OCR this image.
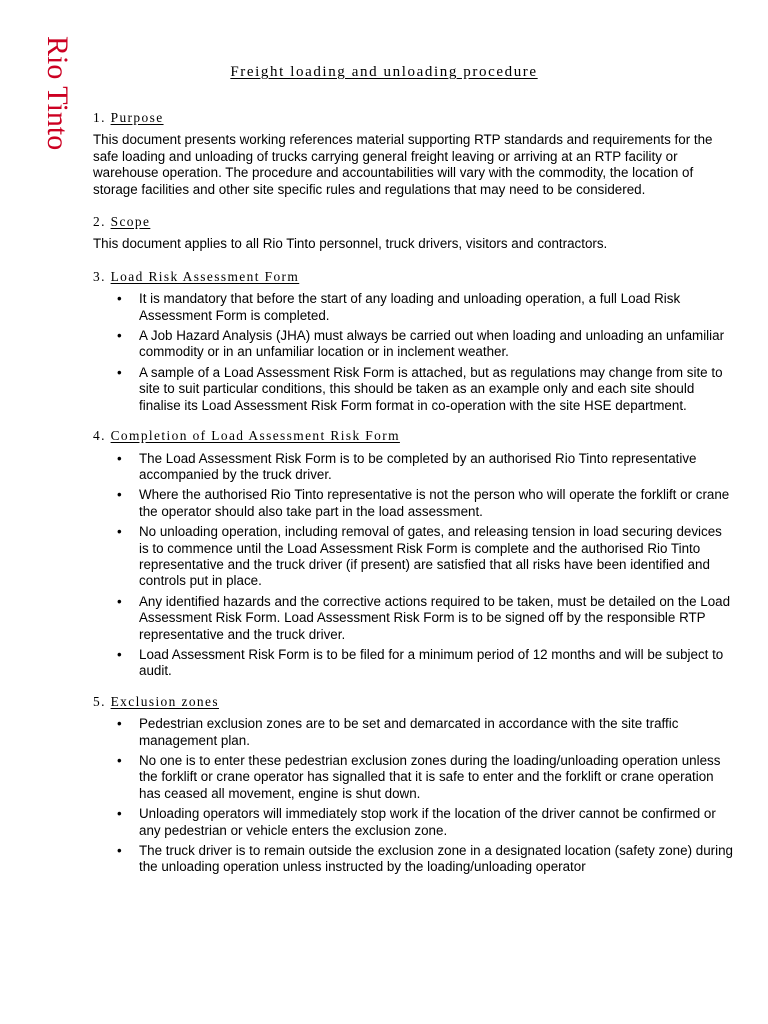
Rio Tinto	Freight loading and unloading procedure
1. Purpose

This document presents working references material supporting RTP standards and requirements for the safe loading and unloading of trucks carrying general freight leaving or arriving at an RTP facility or warehouse operation. The procedure and accountabilities will vary with the commodity, the location of storage facilities and other site specific rules and regulations that may need to be considered.

2. Scope

This document applies to all Rio Tinto personnel, truck drivers, visitors and contractors.

3. Load Risk Assessment Form
• It is mandatory that before the start of any loading and unloading operation, a full Load Risk Assessment Form is completed.
• A Job Hazard Analysis (JHA) must always be carried out when loading and unloading an unfamiliar commodity or in an unfamiliar location or in inclement weather.
• A sample of a Load Assessment Risk Form is attached, but as regulations may change from site to site to suit particular conditions, this should be taken as an example only and each site should finalise its Load Assessment Risk Form format in co-operation with the site HSE department.
4. Completion of Load Assessment Risk Form
• The Load Assessment Risk Form is to be completed by an authorised Rio Tinto representative accompanied by the truck driver.
• Where the authorised Rio Tinto representative is not the person who will operate the forklift or crane the operator should also take part in the load assessment.
• No unloading operation, including removal of gates, and releasing tension in load securing devices is to commence until the Load Assessment Risk Form is complete and the authorised Rio Tinto representative and the truck driver (if present) are satisfied that all risks have been identified and controls put in place.
• Any identified hazards and the corrective actions required to be taken, must be detailed on the Load Assessment Risk Form. Load Assessment Risk Form is to be signed off by the responsible RTP representative and the truck driver.
• Load Assessment Risk Form is to be filed for a minimum period of 12 months and will be subject to audit.
5. Exclusion zones
• Pedestrian exclusion zones are to be set and demarcated in accordance with the site traffic management plan.
• No one is to enter these pedestrian exclusion zones during the loading/unloading operation unless the forklift or crane operator has signalled that it is safe to enter and the forklift or crane operation has ceased all movement, engine is shut down.
• Unloading operators will immediately stop work if the location of the driver cannot be confirmed or any pedestrian or vehicle enters the exclusion zone.
• The truck driver is to remain outside the exclusion zone in a designated location (safety zone) during the unloading operation unless instructed by the loading/unloading operator
